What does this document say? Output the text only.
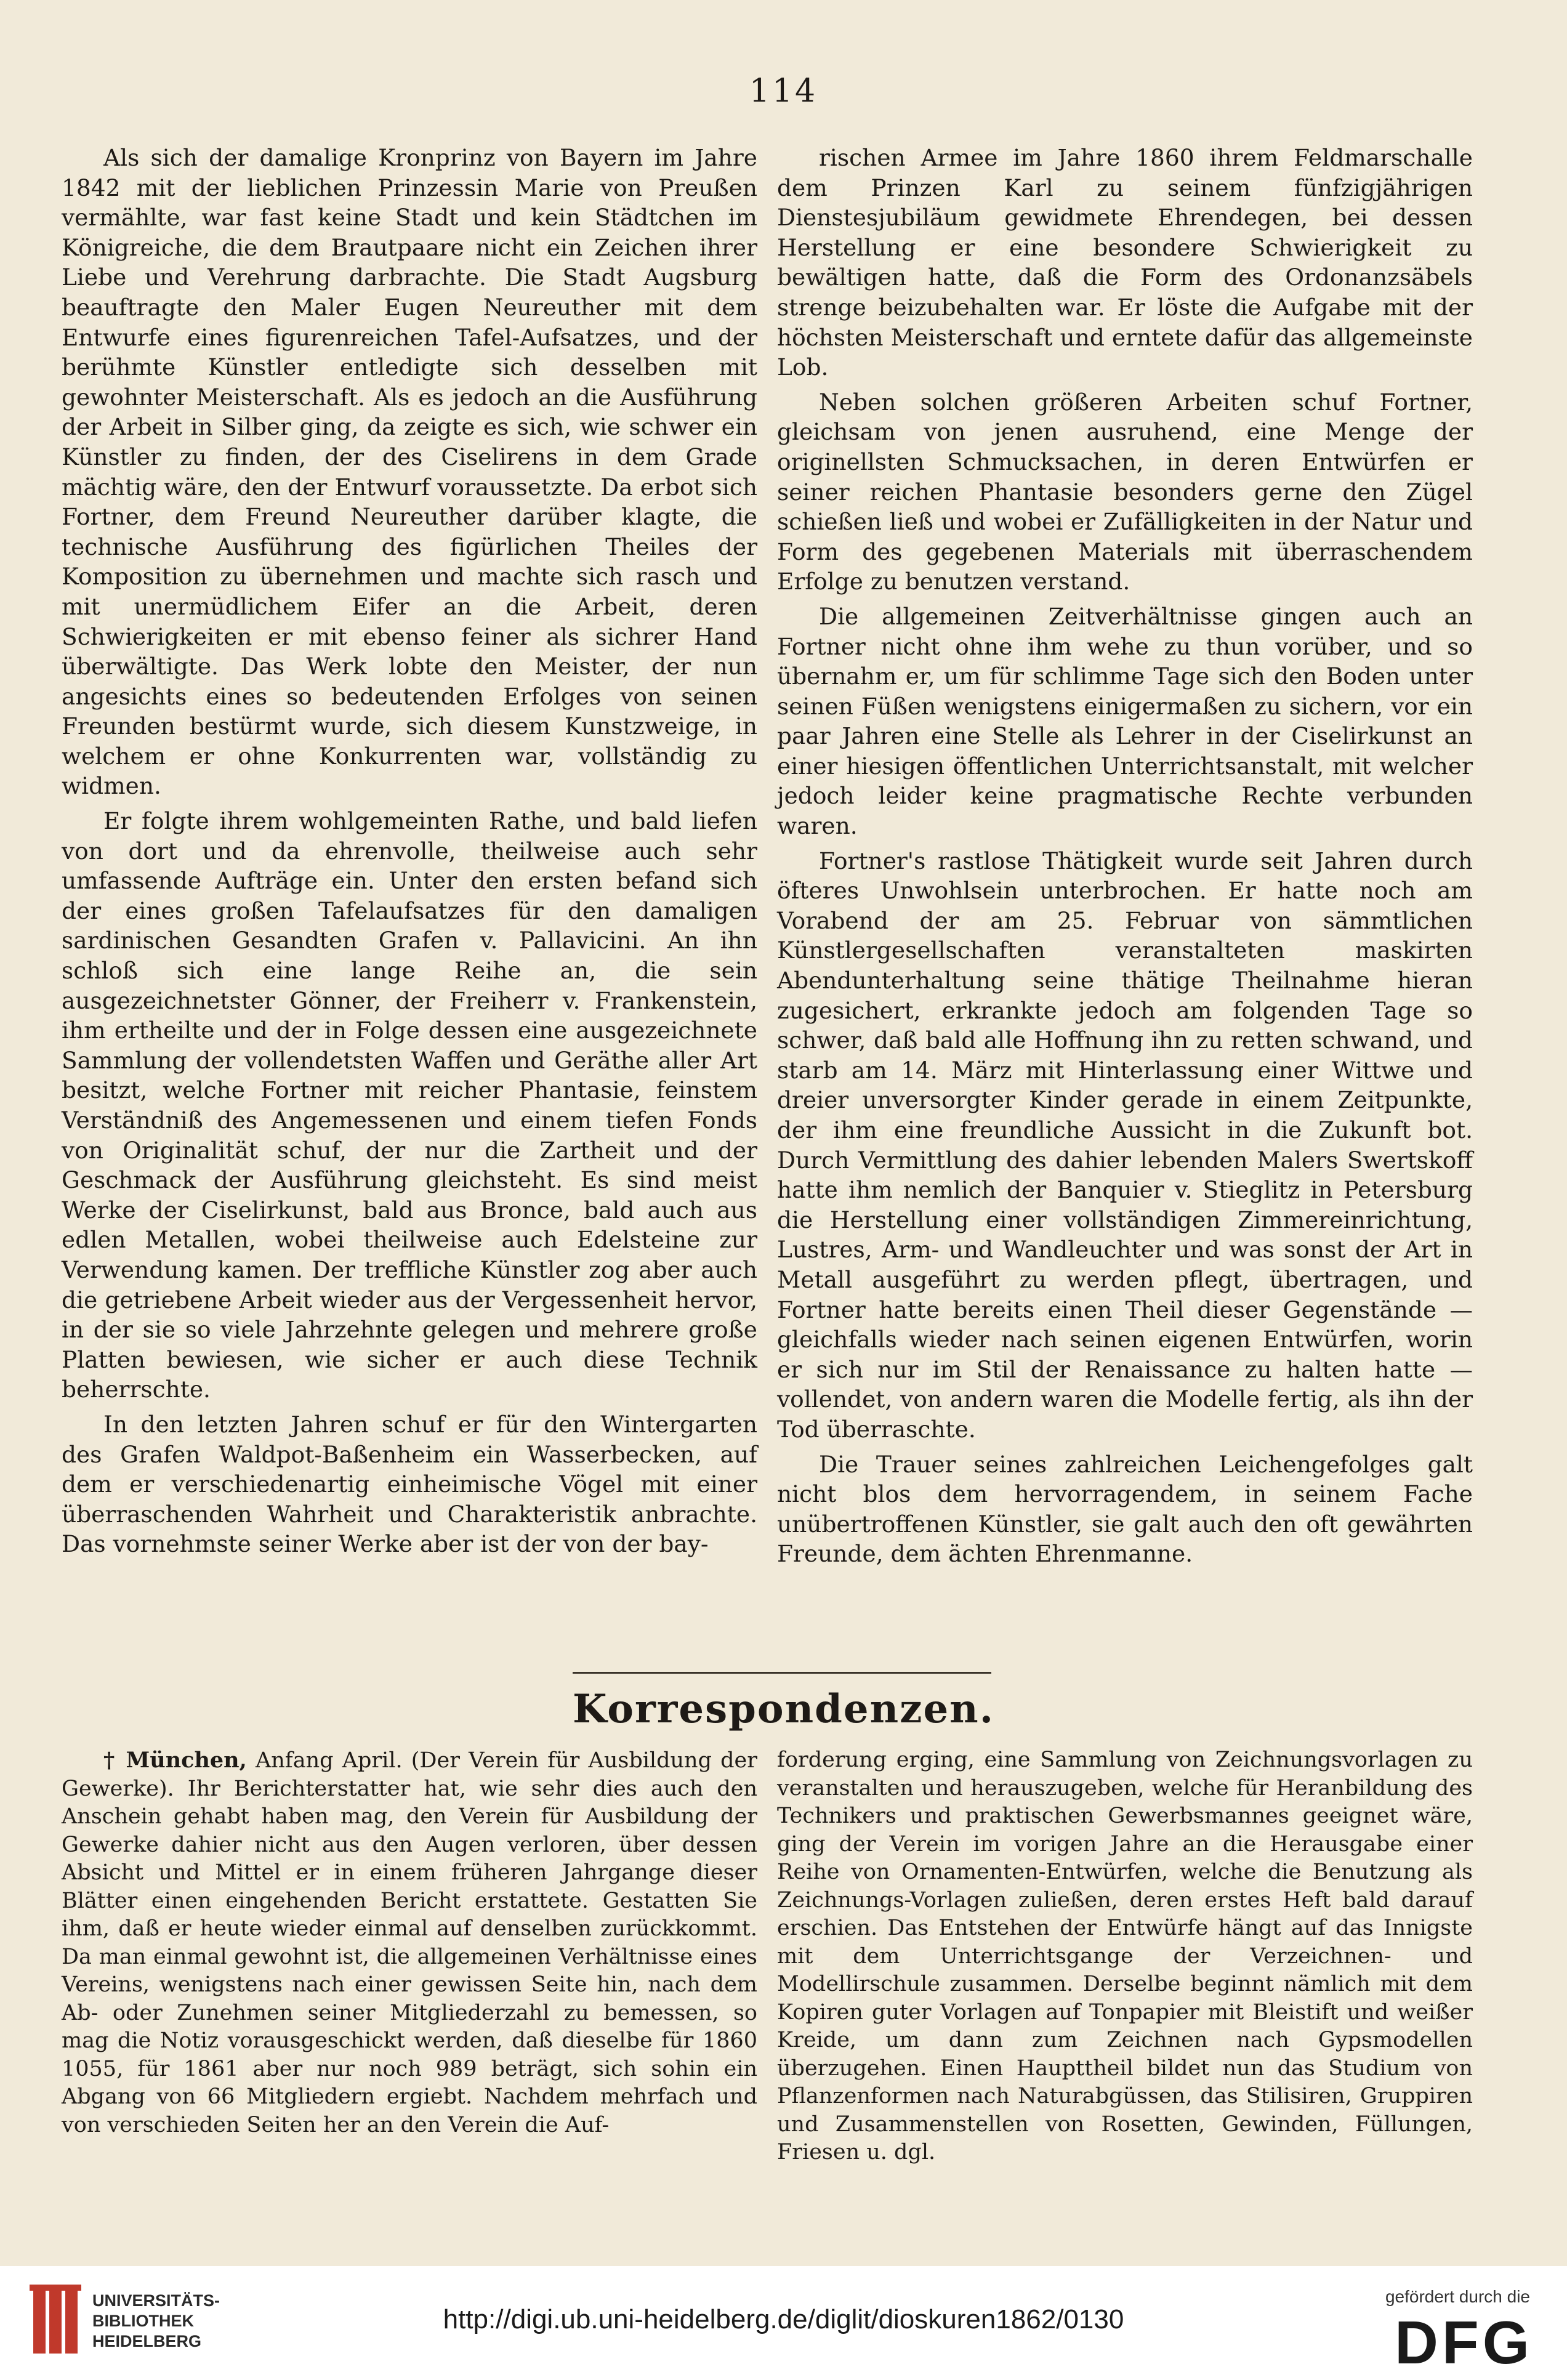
114

Als sich der damalige Kronprinz von Bayern im Jahre 1842 mit der lieblichen Prinzessin Marie von Preußen vermählte, war fast keine Stadt und kein Städtchen im Königreiche, die dem Brautpaare nicht ein Zeichen ihrer Liebe und Verehrung darbrachte. Die Stadt Augsburg beauftragte den Maler Eugen Neureuther mit dem Entwurfe eines figurenreichen Tafel-Aufsatzes, und der berühmte Künstler entledigte sich desselben mit gewohnter Meisterschaft. Als es jedoch an die Ausführung der Arbeit in Silber ging, da zeigte es sich, wie schwer ein Künstler zu finden, der des Ciselirens in dem Grade mächtig wäre, den der Entwurf voraussetzte. Da erbot sich Fortner, dem Freund Neureuther darüber klagte, die technische Ausführung des figürlichen Theiles der Komposition zu übernehmen und machte sich rasch und mit unermüdlichem Eifer an die Arbeit, deren Schwierigkeiten er mit ebenso feiner als sichrer Hand überwältigte. Das Werk lobte den Meister, der nun angesichts eines so bedeutenden Erfolges von seinen Freunden bestürmt wurde, sich diesem Kunstzweige, in welchem er ohne Konkurrenten war, vollständig zu widmen.

Er folgte ihrem wohlgemeinten Rathe, und bald liefen von dort und da ehrenvolle, theilweise auch sehr umfassende Aufträge ein. Unter den ersten befand sich der eines großen Tafelaufsatzes für den damaligen sardinischen Gesandten Grafen v. Pallavicini. An ihn schloß sich eine lange Reihe an, die sein ausgezeichnetster Gönner, der Freiherr v. Frankenstein, ihm ertheilte und der in Folge dessen eine ausgezeichnete Sammlung der vollendetsten Waffen und Geräthe aller Art besitzt, welche Fortner mit reicher Phantasie, feinstem Verständniß des Angemessenen und einem tiefen Fonds von Originalität schuf, der nur die Zartheit und der Geschmack der Ausführung gleichsteht. Es sind meist Werke der Ciselirkunst, bald aus Bronce, bald auch aus edlen Metallen, wobei theilweise auch Edelsteine zur Verwendung kamen. Der treffliche Künstler zog aber auch die getriebene Arbeit wieder aus der Vergessenheit hervor, in der sie so viele Jahrzehnte gelegen und mehrere große Platten bewiesen, wie sicher er auch diese Technik beherrschte.

In den letzten Jahren schuf er für den Wintergarten des Grafen Waldpot-Baßenheim ein Wasserbecken, auf dem er verschiedenartig einheimische Vögel mit einer überraschenden Wahrheit und Charakteristik anbrachte. Das vornehmste seiner Werke aber ist der von der bay-

rischen Armee im Jahre 1860 ihrem Feldmarschalle dem Prinzen Karl zu seinem fünfzigjährigen Dienstesjubiläum gewidmete Ehrendegen, bei dessen Herstellung er eine besondere Schwierigkeit zu bewältigen hatte, daß die Form des Ordonanzsäbels strenge beizubehalten war. Er löste die Aufgabe mit der höchsten Meisterschaft und erntete dafür das allgemeinste Lob.

Neben solchen größeren Arbeiten schuf Fortner, gleichsam von jenen ausruhend, eine Menge der originellsten Schmucksachen, in deren Entwürfen er seiner reichen Phantasie besonders gerne den Zügel schießen ließ und wobei er Zufälligkeiten in der Natur und Form des gegebenen Materials mit überraschendem Erfolge zu benutzen verstand.

Die allgemeinen Zeitverhältnisse gingen auch an Fortner nicht ohne ihm wehe zu thun vorüber, und so übernahm er, um für schlimme Tage sich den Boden unter seinen Füßen wenigstens einigermaßen zu sichern, vor ein paar Jahren eine Stelle als Lehrer in der Ciselirkunst an einer hiesigen öffentlichen Unterrichtsanstalt, mit welcher jedoch leider keine pragmatische Rechte verbunden waren.

Fortner's rastlose Thätigkeit wurde seit Jahren durch öfteres Unwohlsein unterbrochen. Er hatte noch am Vorabend der am 25. Februar von sämmtlichen Künstlergesellschaften veranstalteten maskirten Abendunterhaltung seine thätige Theilnahme hieran zugesichert, erkrankte jedoch am folgenden Tage so schwer, daß bald alle Hoffnung ihn zu retten schwand, und starb am 14. März mit Hinterlassung einer Wittwe und dreier unversorgter Kinder gerade in einem Zeitpunkte, der ihm eine freundliche Aussicht in die Zukunft bot. Durch Vermittlung des dahier lebenden Malers Swertskoff hatte ihm nemlich der Banquier v. Stieglitz in Petersburg die Herstellung einer vollständigen Zimmereinrichtung, Lustres, Arm- und Wandleuchter und was sonst der Art in Metall ausgeführt zu werden pflegt, übertragen, und Fortner hatte bereits einen Theil dieser Gegenstände — gleichfalls wieder nach seinen eigenen Entwürfen, worin er sich nur im Stil der Renaissance zu halten hatte — vollendet, von andern waren die Modelle fertig, als ihn der Tod überraschte.

Die Trauer seines zahlreichen Leichengefolges galt nicht blos dem hervorragendem, in seinem Fache unübertroffenen Künstler, sie galt auch den oft gewährten Freunde, dem ächten Ehrenmanne.

Korrespondenzen.

† München, Anfang April. (Der Verein für Ausbildung der Gewerke). Ihr Berichterstatter hat, wie sehr dies auch den Anschein gehabt haben mag, den Verein für Ausbildung der Gewerke dahier nicht aus den Augen verloren, über dessen Absicht und Mittel er in einem früheren Jahrgange dieser Blätter einen eingehenden Bericht erstattete. Gestatten Sie ihm, daß er heute wieder einmal auf denselben zurückkommt. Da man einmal gewohnt ist, die allgemeinen Verhältnisse eines Vereins, wenigstens nach einer gewissen Seite hin, nach dem Ab- oder Zunehmen seiner Mitgliederzahl zu bemessen, so mag die Notiz vorausgeschickt werden, daß dieselbe für 1860 1055, für 1861 aber nur noch 989 beträgt, sich sohin ein Abgang von 66 Mitgliedern ergiebt. Nachdem mehrfach und von verschieden Seiten her an den Verein die Auf-

forderung erging, eine Sammlung von Zeichnungsvorlagen zu veranstalten und herauszugeben, welche für Heranbildung des Technikers und praktischen Gewerbsmannes geeignet wäre, ging der Verein im vorigen Jahre an die Herausgabe einer Reihe von Ornamenten-Entwürfen, welche die Benutzung als Zeichnungs-Vorlagen zuließen, deren erstes Heft bald darauf erschien. Das Entstehen der Entwürfe hängt auf das Innigste mit dem Unterrichtsgange der Verzeichnen- und Modellirschule zusammen. Derselbe beginnt nämlich mit dem Kopiren guter Vorlagen auf Tonpapier mit Bleistift und weißer Kreide, um dann zum Zeichnen nach Gypsmodellen überzugehen. Einen Haupttheil bildet nun das Studium von Pflanzenformen nach Naturabgüssen, das Stilisiren, Gruppiren und Zusammenstellen von Rosetten, Gewinden, Füllungen, Friesen u. dgl.

UNIVERSITÄTS-
BIBLIOTHEK
HEIDELBERG
http://digi.ub.uni-heidelberg.de/diglit/dioskuren1862/0130
gefördert durch die
DFG
